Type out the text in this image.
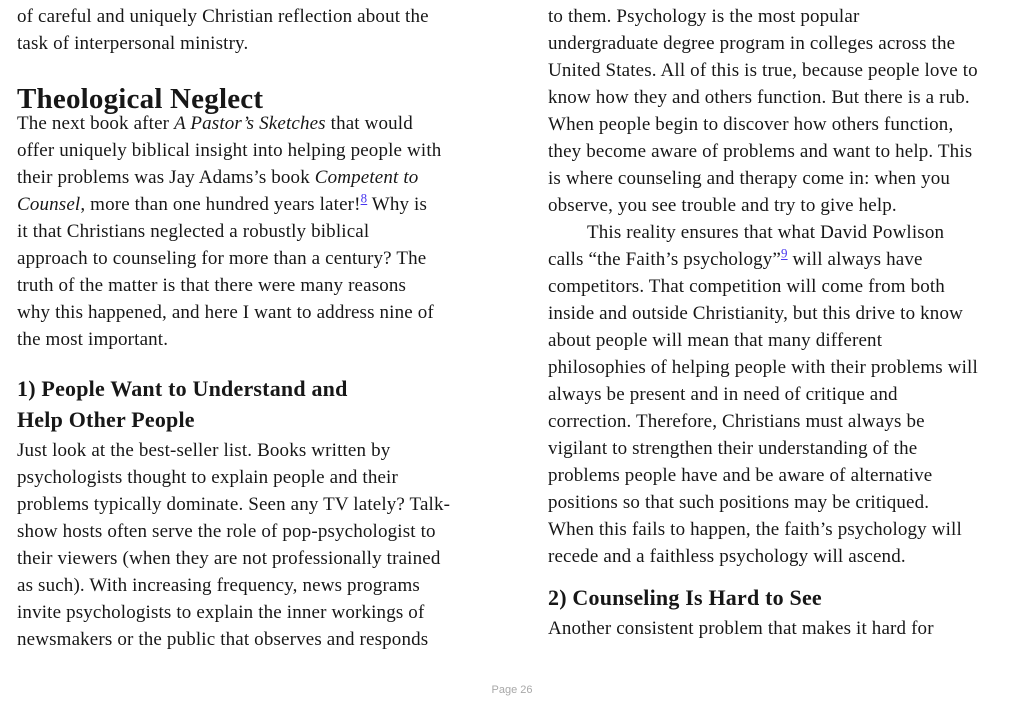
of careful and uniquely Christian reflection about the
task of interpersonal ministry.
Theological Neglect
The next book after A Pastor’s Sketches that would
offer uniquely biblical insight into helping people with
their problems was Jay Adams’s book Competent to
Counsel, more than one hundred years later!$^8$ Why is
it that Christians neglected a robustly biblical
approach to counseling for more than a century? The
truth of the matter is that there were many reasons
why this happened, and here I want to address nine of
the most important.
1) People Want to Understand and
Help Other People
Just look at the best-seller list. Books written by
psychologists thought to explain people and their
problems typically dominate. Seen any TV lately? Talk-
show hosts often serve the role of pop-psychologist to
their viewers (when they are not professionally trained
as such). With increasing frequency, news programs
invite psychologists to explain the inner workings of
newsmakers or the public that observes and responds
to them. Psychology is the most popular
undergraduate degree program in colleges across the
United States. All of this is true, because people love to
know how they and others function. But there is a rub.
When people begin to discover how others function,
they become aware of problems and want to help. This
is where counseling and therapy come in: when you
observe, you see trouble and try to give help.
This reality ensures that what David Powlison
calls “the Faith’s psychology”$^9$ will always have
competitors. That competition will come from both
inside and outside Christianity, but this drive to know
about people will mean that many different
philosophies of helping people with their problems will
always be present and in need of critique and
correction. Therefore, Christians must always be
vigilant to strengthen their understanding of the
problems people have and be aware of alternative
positions so that such positions may be critiqued.
When this fails to happen, the faith’s psychology will
recede and a faithless psychology will ascend.
2) Counseling Is Hard to See
Another consistent problem that makes it hard for
Page 26
